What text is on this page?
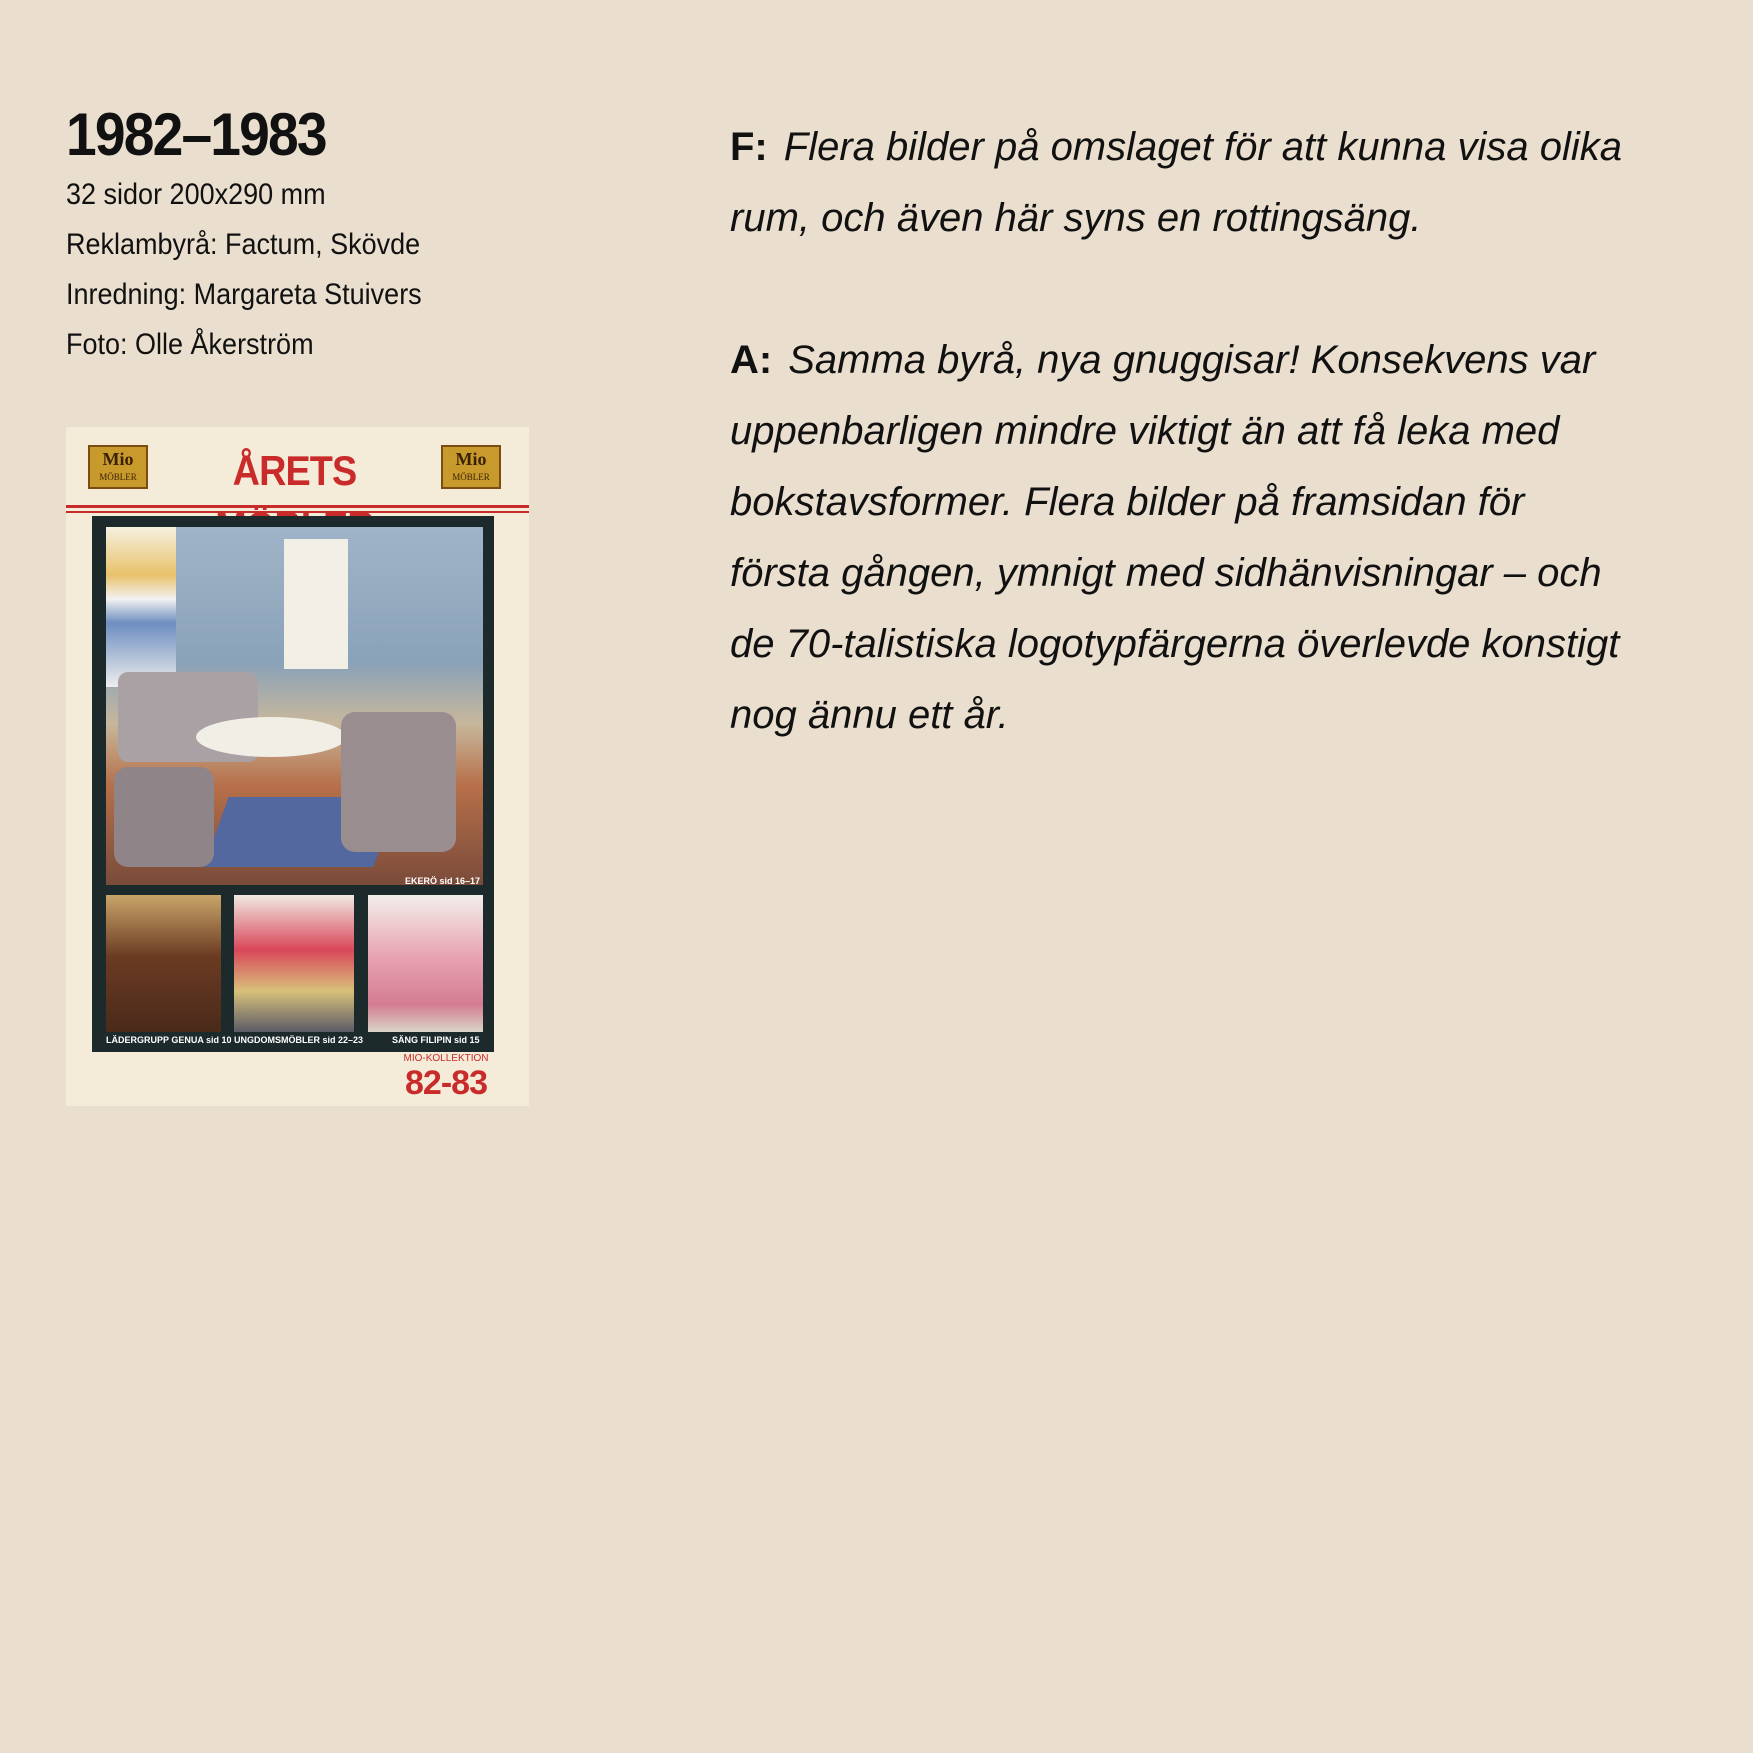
1982–1983
32 sidor 200x290 mm
Reklambyrå: Factum, Skövde
Inredning: Margareta Stuivers
Foto: Olle Åkerström
Mio
MÖBLER	ÅRETS	Mio
MÖBLER
EKERÖ sid 16–17
LÄDERGRUPP GENUA sid 10 UNGDOMSMÖBLER sid 22–23	SÄNG FILIPIN sid 15
MIO-KOLLEKTION
82-83

F: Flera bilder på omslaget för att kunna visa olika rum, och även här syns en rottingsäng.

A: Samma byrå, nya gnuggisar! Konsekvens var uppenbarligen mindre viktigt än att få leka med bokstavsformer. Flera bilder på framsidan för första gången, ymnigt med sidhänvisningar – och de 70-talistiska logotypfärgerna överlevde konstigt nog ännu ett år.
